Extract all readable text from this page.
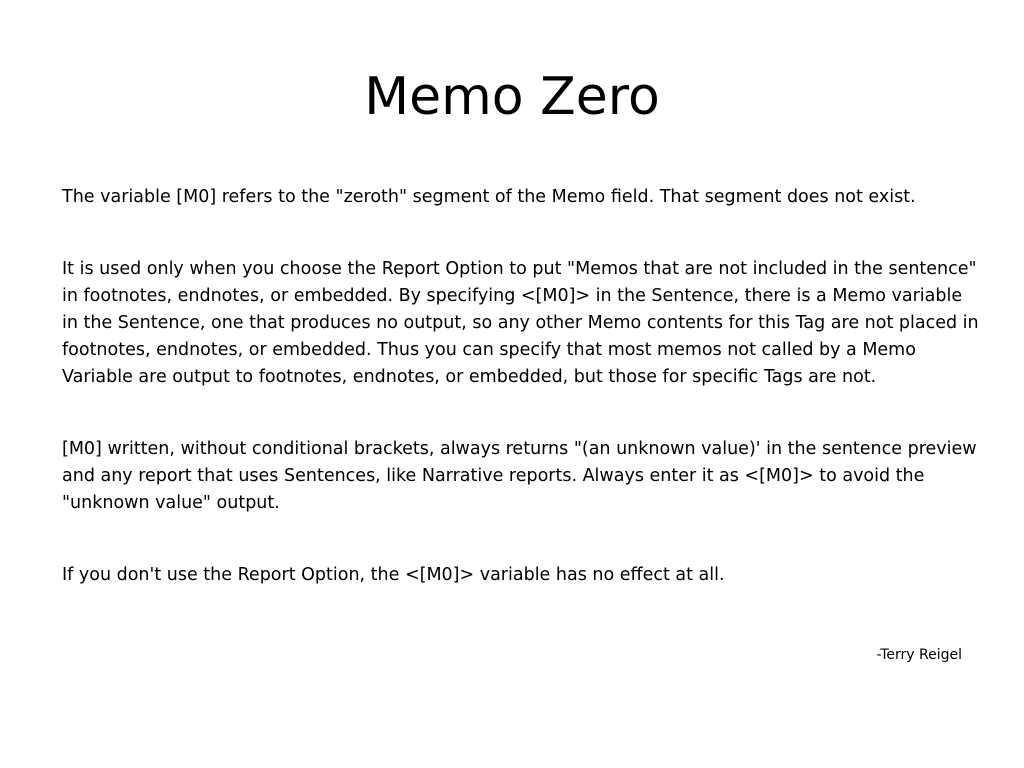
Memo Zero

The variable [M0] refers to the "zeroth" segment of the Memo field. That segment does not exist.

It is used only when you choose the Report Option to put "Memos that are not included in the sentence" in footnotes, endnotes, or embedded. By specifying <[M0]> in the Sentence, there is a Memo variable in the Sentence, one that produces no output, so any other Memo contents for this Tag are not placed in footnotes, endnotes, or embedded. Thus you can specify that most memos not called by a Memo Variable are output to footnotes, endnotes, or embedded, but those for specific Tags are not.

[M0] written, without conditional brackets, always returns "(an unknown value)' in the sentence preview and any report that uses Sentences, like Narrative reports. Always enter it as <[M0]> to avoid the "unknown value" output.

If you don't use the Report Option, the <[M0]> variable has no effect at all.

-Terry Reigel
